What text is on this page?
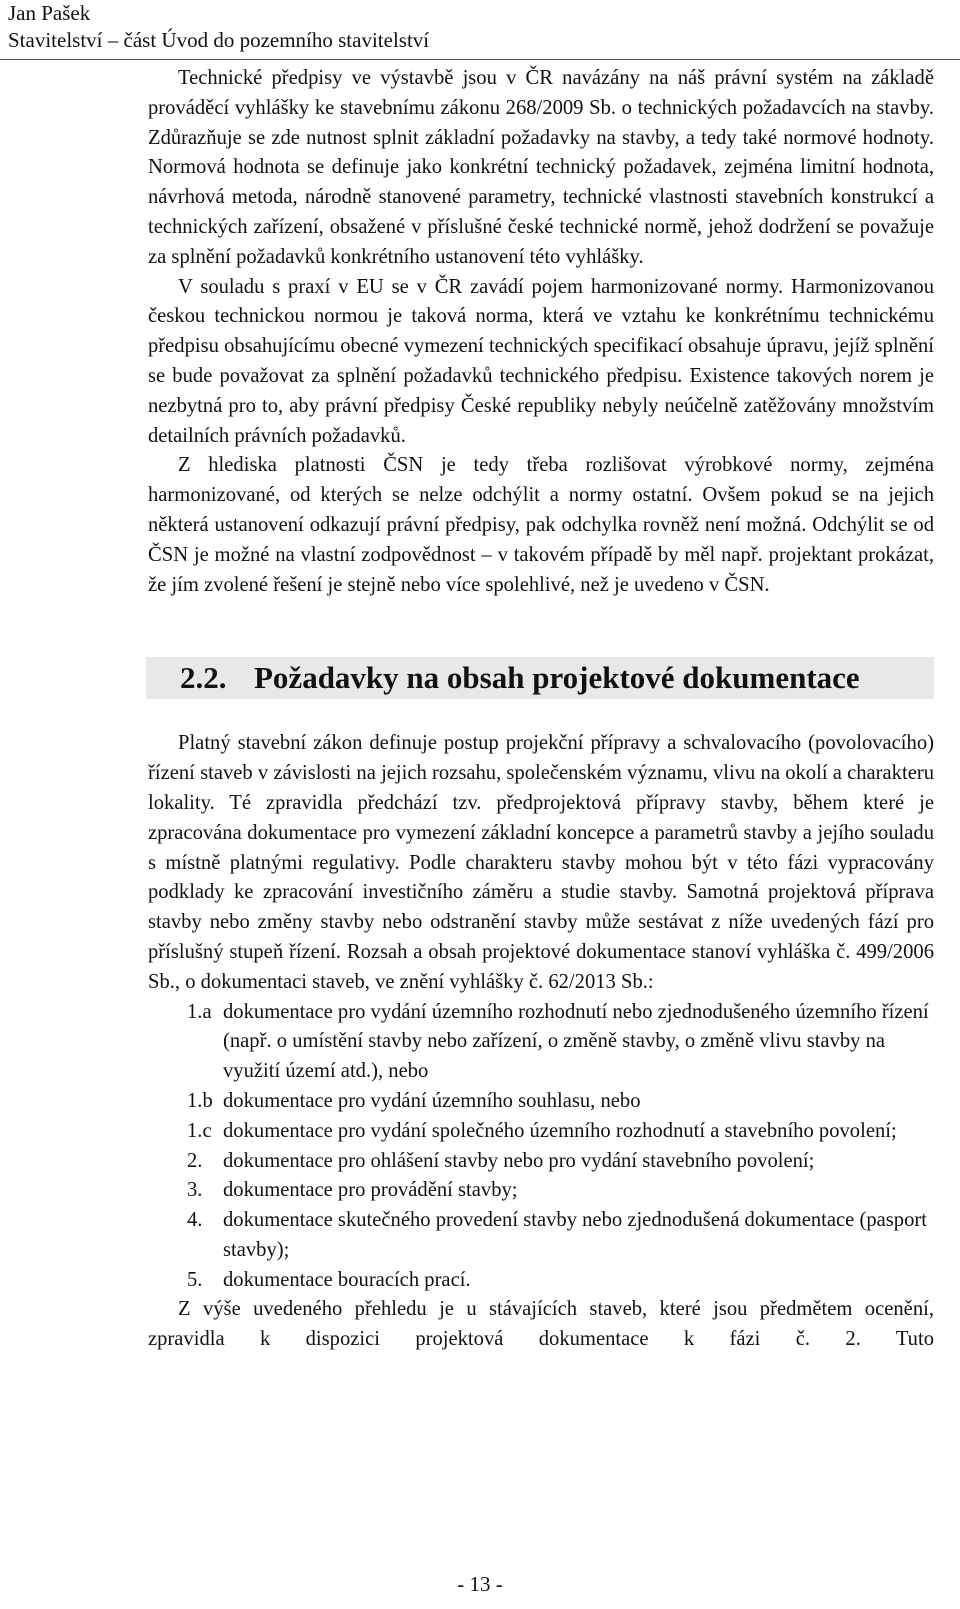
Jan Pašek
Stavitelství – část Úvod do pozemního stavitelství

Technické předpisy ve výstavbě jsou v ČR navázány na náš právní systém na základě prováděcí vyhlášky ke stavebnímu zákonu 268/2009 Sb. o technických požadavcích na stavby. Zdůrazňuje se zde nutnost splnit základní požadavky na stavby, a tedy také normové hodnoty. Normová hodnota se definuje jako konkrétní technický požadavek, zejména limitní hodnota, návrhová metoda, národně stanovené parametry, technické vlastnosti stavebních konstrukcí a technických zařízení, obsažené v příslušné české technické normě, jehož dodržení se považuje za splnění požadavků konkrétního ustanovení této vyhlášky.

V souladu s praxí v EU se v ČR zavádí pojem harmonizované normy. Harmonizovanou českou technickou normou je taková norma, která ve vztahu ke konkrétnímu technickému předpisu obsahujícímu obecné vymezení technických specifikací obsahuje úpravu, jejíž splnění se bude považovat za splnění požadavků technického předpisu. Existence takových norem je nezbytná pro to, aby právní předpisy České republiky nebyly neúčelně zatěžovány množstvím detailních právních požadavků.

Z hlediska platnosti ČSN je tedy třeba rozlišovat výrobkové normy, zejména harmonizované, od kterých se nelze odchýlit a normy ostatní. Ovšem pokud se na jejich některá ustanovení odkazují právní předpisy, pak odchylka rovněž není možná. Odchýlit se od ČSN je možné na vlastní zodpovědnost – v takovém případě by měl např. projektant prokázat, že jím zvolené řešení je stejně nebo více spolehlivé, než je uvedeno v ČSN.

2.2. Požadavky na obsah projektové dokumentace

Platný stavební zákon definuje postup projekční přípravy a schvalovacího (povolovacího) řízení staveb v závislosti na jejich rozsahu, společenském významu, vlivu na okolí a charakteru lokality. Té zpravidla předchází tzv. předprojektová přípravy stavby, během které je zpracována dokumentace pro vymezení základní koncepce a parametrů stavby a jejího souladu s místně platnými regulativy. Podle charakteru stavby mohou být v této fázi vypracovány podklady ke zpracování investičního záměru a studie stavby. Samotná projektová příprava stavby nebo změny stavby nebo odstranění stavby může sestávat z níže uvedených fází pro příslušný stupeň řízení. Rozsah a obsah projektové dokumentace stanoví vyhláška č. 499/2006 Sb., o dokumentaci staveb, ve znění vyhlášky č. 62/2013 Sb.:

1.a dokumentace pro vydání územního rozhodnutí nebo zjednodušeného územního řízení (např. o umístění stavby nebo zařízení, o změně stavby, o změně vlivu stavby na využití území atd.), nebo
1.b dokumentace pro vydání územního souhlasu, nebo
1.c dokumentace pro vydání společného územního rozhodnutí a stavebního povolení;
2. dokumentace pro ohlášení stavby nebo pro vydání stavebního povolení;
3. dokumentace pro provádění stavby;
4. dokumentace skutečného provedení stavby nebo zjednodušená dokumentace (pasport stavby);
5. dokumentace bouracích prací.

Z výše uvedeného přehledu je u stávajících staveb, které jsou předmětem ocenění, zpravidla k dispozici projektová dokumentace k fázi č. 2. Tuto

- 13 -
